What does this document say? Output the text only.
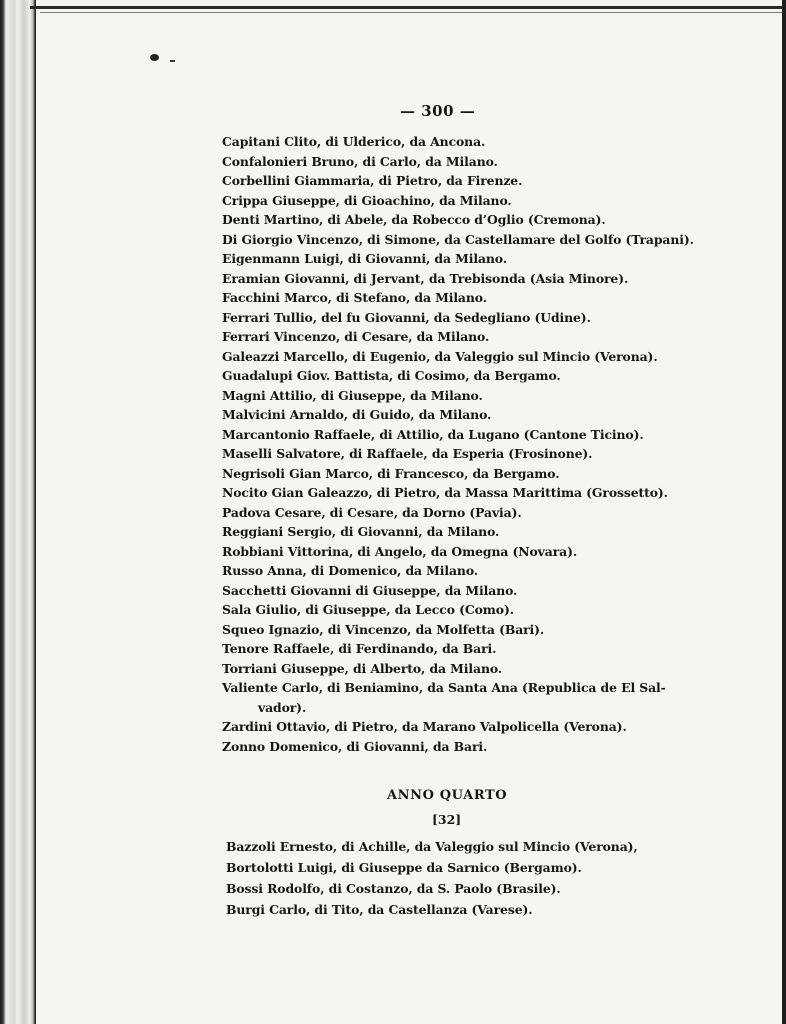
— 300 —

Capitani Clito, di Ulderico, da Ancona.
Confalonieri Bruno, di Carlo, da Milano.
Corbellini Giammaria, di Pietro, da Firenze.
Crippa Giuseppe, di Gioachino, da Milano.
Denti Martino, di Abele, da Robecco d’Oglio (Cremona).
Di Giorgio Vincenzo, di Simone, da Castellamare del Golfo (Trapani).
Eigenmann Luigi, di Giovanni, da Milano.
Eramian Giovanni, di Jervant, da Trebisonda (Asia Minore).
Facchini Marco, di Stefano, da Milano.
Ferrari Tullio, del fu Giovanni, da Sedegliano (Udine).
Ferrari Vincenzo, di Cesare, da Milano.
Galeazzi Marcello, di Eugenio, da Valeggio sul Mincio (Verona).
Guadalupi Giov. Battista, di Cosimo, da Bergamo.
Magni Attilio, di Giuseppe, da Milano.
Malvicini Arnaldo, di Guido, da Milano.
Marcantonio Raffaele, di Attilio, da Lugano (Cantone Ticino).
Maselli Salvatore, di Raffaele, da Esperia (Frosinone).
Negrisoli Gian Marco, di Francesco, da Bergamo.
Nocito Gian Galeazzo, di Pietro, da Massa Marittima (Grossetto).
Padova Cesare, di Cesare, da Dorno (Pavia).
Reggiani Sergio, di Giovanni, da Milano.
Robbiani Vittorina, di Angelo, da Omegna (Novara).
Russo Anna, di Domenico, da Milano.
Sacchetti Giovanni di Giuseppe, da Milano.
Sala Giulio, di Giuseppe, da Lecco (Como).
Squeo Ignazio, di Vincenzo, da Molfetta (Bari).
Tenore Raffaele, di Ferdinando, da Bari.
Torriani Giuseppe, di Alberto, da Milano.
Valiente Carlo, di Beniamino, da Santa Ana (Republica de El Sal-
vador).
Zardini Ottavio, di Pietro, da Marano Valpolicella (Verona).
Zonno Domenico, di Giovanni, da Bari.
ANNO QUARTO

[32]

Bazzoli Ernesto, di Achille, da Valeggio sul Mincio (Verona),
Bortolotti Luigi, di Giuseppe da Sarnico (Bergamo).
Bossi Rodolfo, di Costanzo, da S. Paolo (Brasile).
Burgi Carlo, di Tito, da Castellanza (Varese).
